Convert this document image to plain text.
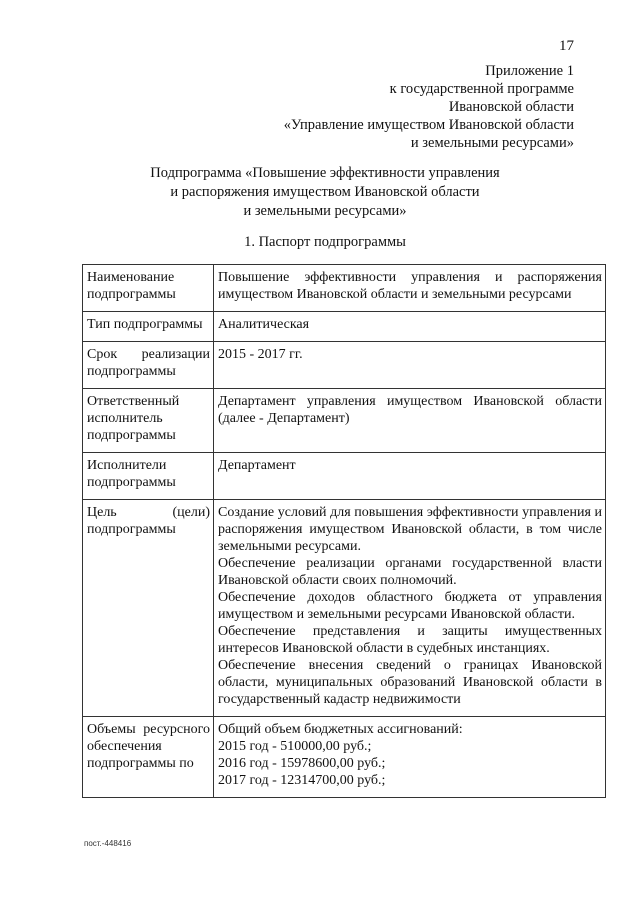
17
Приложение 1
к государственной программе
Ивановской области
«Управление имуществом Ивановской области
и земельными ресурсами»
Подпрограмма «Повышение эффективности управления
и распоряжения имуществом Ивановской области
и земельными ресурсами»
1. Паспорт подпрограммы
Наименование подпрограммы	Повышение эффективности управления и распоряжения имуществом Ивановской области и земельными ресурсами

Тип подпрограммы	Аналитическая

Срок реализации подпрограммы	2015 - 2017 гг.

Ответственный исполнитель подпрограммы	Департамент управления имуществом Ивановской области (далее - Департамент)

Исполнители подпрограммы	Департамент

Цель (цели) подпрограммы	Создание условий для повышения эффективности управления и распоряжения имуществом Ивановской области, в том числе земельными ресурсами.

Обеспечение реализации органами государственной власти Ивановской области своих полномочий.

Обеспечение доходов областного бюджета от управления имуществом и земельными ресурсами Ивановской области.

Обеспечение представления и защиты имущественных интересов Ивановской области в судебных инстанциях.

Обеспечение внесения сведений о границах Ивановской области, муниципальных образований Ивановской области в государственный кадастр недвижимости

Объемы ресурсного обеспечения подпрограммы по	Общий объем бюджетных ассигнований:

2015 год - 510000,00 руб.;

2016 год - 15978600,00 руб.;

2017 год - 12314700,00 руб.;

пост.-448416
